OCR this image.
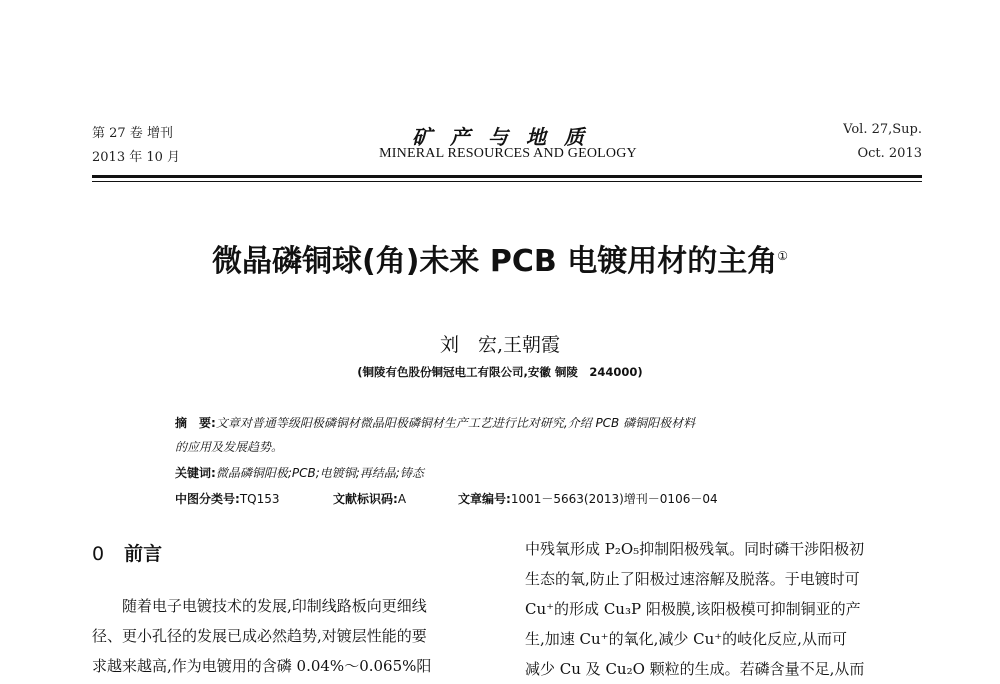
第 27 卷 增刊
2013 年 10 月
矿产与地质
MINERAL RESOURCES AND GEOLOGY
Vol. 27,Sup.
Oct. 2013
微晶磷铜球(角)未来 PCB 电镀用材的主角①
刘　宏,王朝霞
(铜陵有色股份铜冠电工有限公司,安徽 铜陵　244000)
摘　要:文章对普通等级阳极磷铜材微晶阳极磷铜材生产工艺进行比对研究,介绍 PCB 磷铜阳极材料
的应用及发展趋势。
关键词:微晶磷铜阳极;PCB;电镀铜;再结晶;铸态
中图分类号:TQ153	文献标识码:A	文章编号:1001－5663(2013)增刊－0106－04
0 前言
随着电子电镀技术的发展,印制线路板向更细线
径、更小孔径的发展已成必然趋势,对镀层性能的要
求越来越高,作为电镀用的含磷 0.04%～0.065%阳
中残氧形成 P₂O₅抑制阳极残氧。同时磷干涉阳极初
生态的氧,防止了阳极过速溶解及脱落。于电镀时可
Cu⁺的形成 Cu₃P 阳极膜,该阳极模可抑制铜亚的产
生,加速 Cu⁺的氧化,减少 Cu⁺的岐化反应,从而可
减少 Cu 及 Cu₂O 颗粒的生成。若磷含量不足,从而
